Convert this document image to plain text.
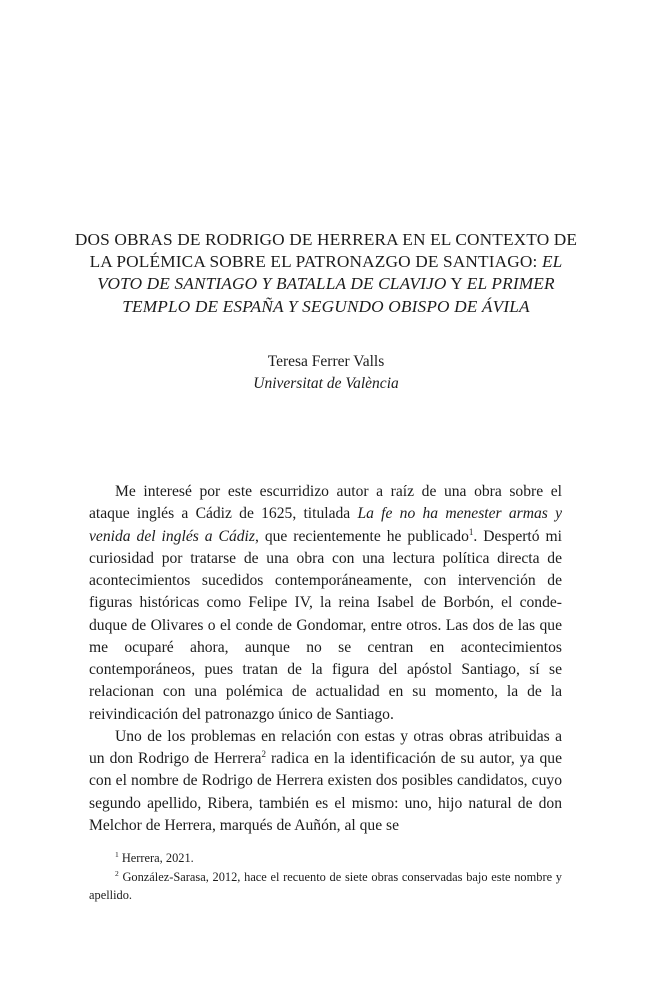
DOS OBRAS DE RODRIGO DE HERRERA EN EL CONTEXTO DE LA POLÉMICA SOBRE EL PATRONAZGO DE SANTIAGO: EL VOTO DE SANTIAGO Y BATALLA DE CLAVIJO Y EL PRIMER TEMPLO DE ESPAÑA Y SEGUNDO OBISPO DE ÁVILA
Teresa Ferrer Valls
Universitat de València

Me interesé por este escurridizo autor a raíz de una obra sobre el ataque inglés a Cádiz de 1625, titulada La fe no ha menester armas y venida del inglés a Cádiz, que recientemente he publicado$^1$. Despertó mi curiosidad por tratarse de una obra con una lectura política directa de acontecimientos sucedidos contemporáneamente, con intervención de figuras históricas como Felipe IV, la reina Isabel de Borbón, el conde-duque de Olivares o el conde de Gondomar, entre otros. Las dos de las que me ocuparé ahora, aunque no se centran en acontecimientos contemporáneos, pues tratan de la figura del apóstol Santiago, sí se relacionan con una polémica de actualidad en su momento, la de la reivindicación del patronazgo único de Santiago.

Uno de los problemas en relación con estas y otras obras atribuidas a un don Rodrigo de Herrera$^2$ radica en la identificación de su autor, ya que con el nombre de Rodrigo de Herrera existen dos posibles candidatos, cuyo segundo apellido, Ribera, también es el mismo: uno, hijo natural de don Melchor de Herrera, marqués de Auñón, al que se

$^1$ Herrera, 2021.

$^2$ González-Sarasa, 2012, hace el recuento de siete obras conservadas bajo este nombre y apellido.
